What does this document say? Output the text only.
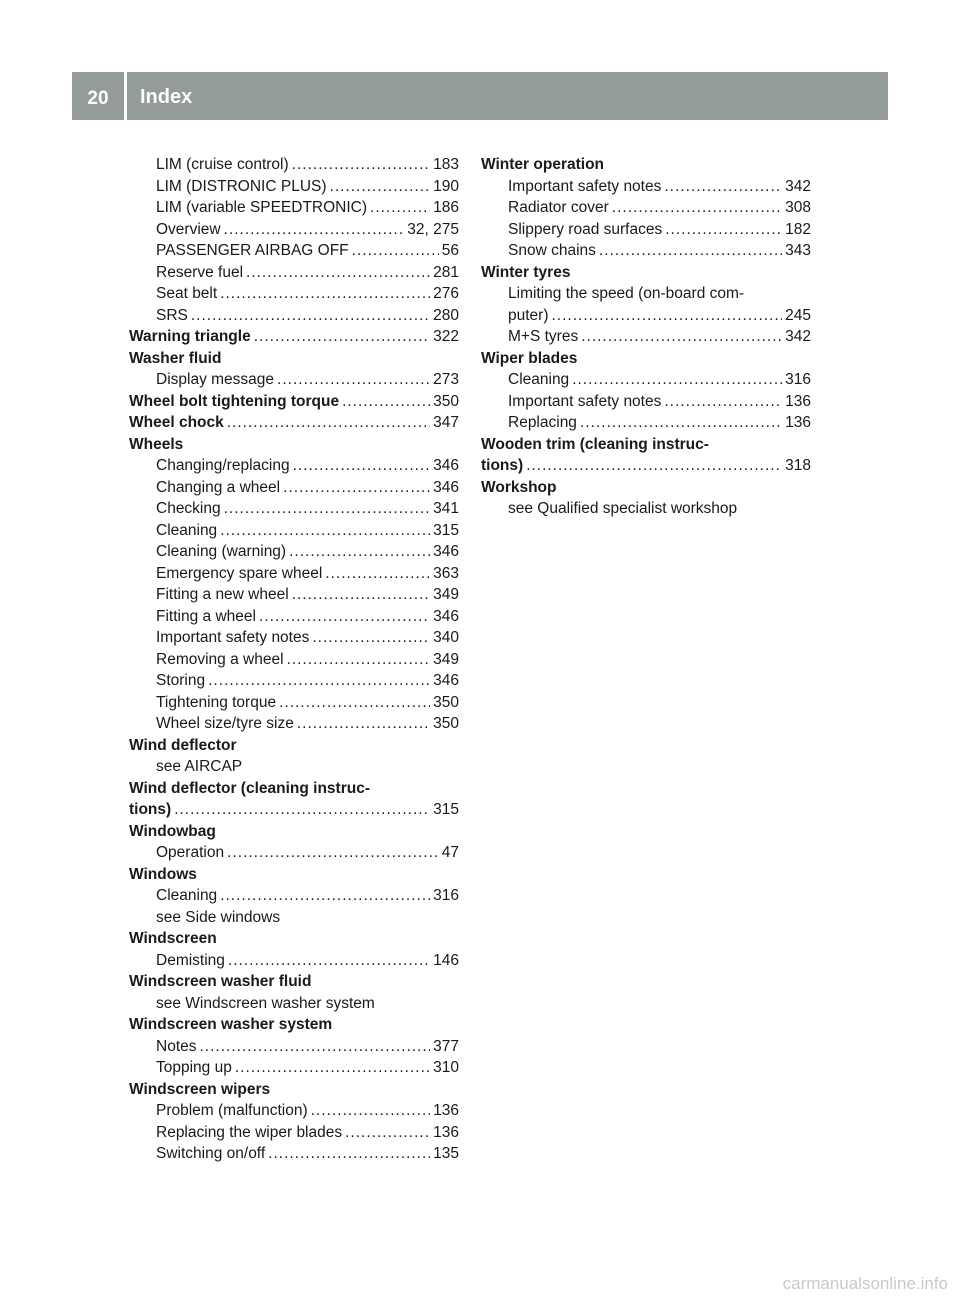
20	Index
LIM (cruise control) .....	183
LIM (DISTRONIC PLUS) .....	190
LIM (variable SPEEDTRONIC) .....	186
Overview .....	32, 275
PASSENGER AIRBAG OFF .....	56
Reserve fuel .....	281
Seat belt .....	276
SRS .....	280
Warning triangle .....	322
Washer fluid
Display message .....	273
Wheel bolt tightening torque .....	350
Wheel chock .....	347
Wheels
Changing/replacing .....	346
Changing a wheel .....	346
Checking .....	341
Cleaning .....	315
Cleaning (warning) .....	346
Emergency spare wheel .....	363
Fitting a new wheel .....	349
Fitting a wheel .....	346
Important safety notes .....	340
Removing a wheel .....	349
Storing .....	346
Tightening torque .....	350
Wheel size/tyre size .....	350
Wind deflector
see AIRCAP
Wind deflector (cleaning instruc-
tions) .....	315
Windowbag
Operation .....	47
Windows
Cleaning .....	316
see Side windows
Windscreen
Demisting .....	146
Windscreen washer fluid
see Windscreen washer system
Windscreen washer system
Notes .....	377
Topping up .....	310
Windscreen wipers
Problem (malfunction) .....	136
Replacing the wiper blades .....	136
Switching on/off .....	135
Winter operation
Important safety notes .....	342
Radiator cover .....	308
Slippery road surfaces .....	182
Snow chains .....	343
Winter tyres
Limiting the speed (on-board com-
puter) .....	245
M+S tyres .....	342
Wiper blades
Cleaning .....	316
Important safety notes .....	136
Replacing .....	136
Wooden trim (cleaning instruc-
tions) .....	318
Workshop
see Qualified specialist workshop
carmanualsonline.info
